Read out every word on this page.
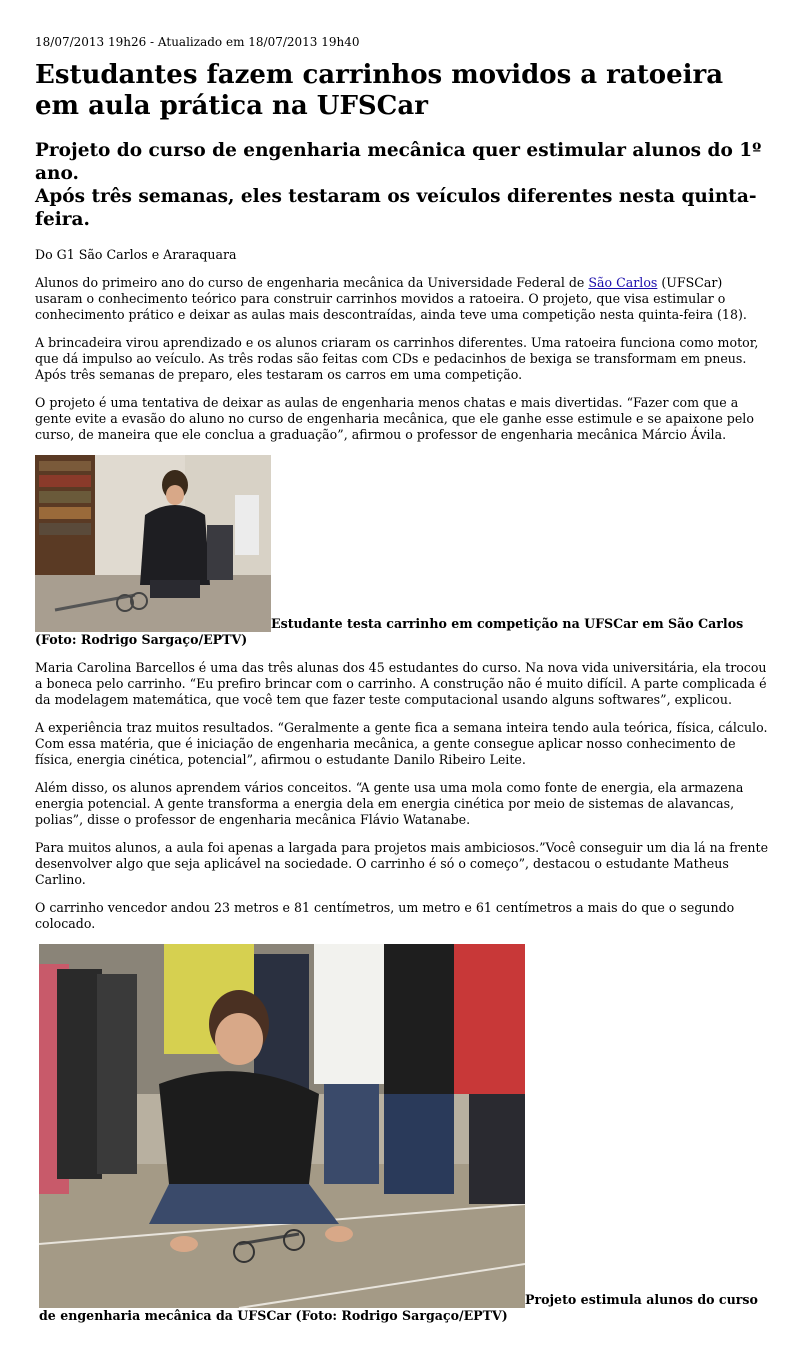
18/07/2013 19h26 - Atualizado em 18/07/2013 19h40
Estudantes fazem carrinhos movidos a ratoeira em aula prática na UFSCar
Projeto do curso de engenharia mecânica quer estimular alunos do 1º ano.
Após três semanas, eles testaram os veículos diferentes nesta quinta-feira.

Do G1 São Carlos e Araraquara

Alunos do primeiro ano do curso de engenharia mecânica da Universidade Federal de São Carlos (UFSCar) usaram o conhecimento teórico para construir carrinhos movidos a ratoeira. O projeto, que visa estimular o conhecimento prático e deixar as aulas mais descontraídas, ainda teve uma competição nesta quinta-feira (18).

A brincadeira virou aprendizado e os alunos criaram os carrinhos diferentes. Uma ratoeira funciona como motor, que dá impulso ao veículo. As três rodas são feitas com CDs e pedacinhos de bexiga se transformam em pneus. Após três semanas de preparo, eles testaram os carros em uma competição.

O projeto é uma tentativa de deixar as aulas de engenharia menos chatas e mais divertidas. “Fazer com que a gente evite a evasão do aluno no curso de engenharia mecânica, que ele ganhe esse estimule e se apaixone pelo curso, de maneira que ele conclua a graduação”, afirmou o professor de engenharia mecânica Márcio Ávila.

Estudante testa carrinho em competição na UFSCar em São Carlos (Foto: Rodrigo Sargaço/EPTV)

Maria Carolina Barcellos é uma das três alunas dos 45 estudantes do curso. Na nova vida universitária, ela trocou a boneca pelo carrinho. “Eu prefiro brincar com o carrinho. A construção não é muito difícil. A parte complicada é da modelagem matemática, que você tem que fazer teste computacional usando alguns softwares”, explicou.

A experiência traz muitos resultados. “Geralmente a gente fica a semana inteira tendo aula teórica, física, cálculo. Com essa matéria, que é iniciação de engenharia mecânica, a gente consegue aplicar nosso conhecimento de física, energia cinética, potencial”, afirmou o estudante Danilo Ribeiro Leite.

Além disso, os alunos aprendem vários conceitos. “A gente usa uma mola como fonte de energia, ela armazena energia potencial. A gente transforma a energia dela em energia cinética por meio de sistemas de alavancas, polias”, disse o professor de engenharia mecânica Flávio Watanabe.

Para muitos alunos, a aula foi apenas a largada para projetos mais ambiciosos.”Você conseguir um dia lá na frente desenvolver algo que seja aplicável na sociedade. O carrinho é só o começo”, destacou o estudante Matheus Carlino.

O carrinho vencedor andou 23 metros e 81 centímetros, um metro e 61 centímetros a mais do que o segundo colocado.

Projeto estimula alunos do curso de engenharia mecânica da UFSCar (Foto: Rodrigo Sargaço/EPTV)
